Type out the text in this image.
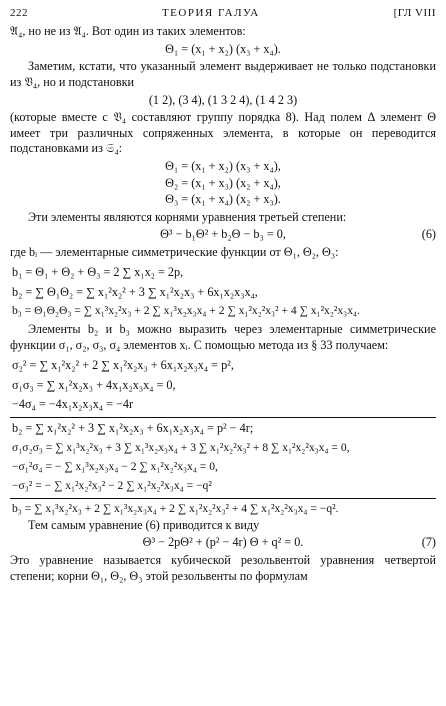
222	ТЕОРИЯ ГАЛУА	[ГЛ VIII

𝔄₄, но не из 𝔄₄. Вот один из таких элементов:

Θ₁ = (x₁ + x₂) (x₃ + x₄).

Заметим, кстати, что указанный элемент выдерживает не только подстановки из 𝔙₄, но и подстановки

(1 2), (3 4), (1 3 2 4), (1 4 2 3)

(которые вместе с 𝔙₄ составляют группу порядка 8). Над полем Δ элемент Θ имеет три различных сопряженных элемента, в которые он переводится подстановками из 𝔖₄:

Θ₁ = (x₁ + x₂) (x₃ + x₄),
Θ₂ = (x₁ + x₃) (x₂ + x₄),
Θ₃ = (x₁ + x₄) (x₂ + x₃).

Эти элементы являются корнями уравнения третьей степени:

Θ³ − b₁Θ² + b₂Θ − b₃ = 0,	(6)

где bᵢ — элементарные симметрические функции от Θ₁, Θ₂, Θ₃:

b₁ = Θ₁ + Θ₂ + Θ₃ = 2 ∑ x₁x₂ = 2p,
b₂ = ∑ Θ₁Θ₂ = ∑ x₁²x₂² + 3 ∑ x₁²x₂x₃ + 6x₁x₂x₃x₄,
b₃ = Θ₁Θ₂Θ₃ = ∑ x₁³x₂²x₃ + 2 ∑ x₁³x₂x₃x₄ + 2 ∑ x₁²x₂²x₃² + 4 ∑ x₁²x₂²x₃x₄.

Элементы b₂ и b₃ можно выразить через элементарные симметрические функции σ₁, σ₂, σ₃, σ₄ элементов xᵢ. С помощью метода из § 33 получаем:

σ₂² = ∑ x₁²x₂² + 2 ∑ x₁²x₂x₃ + 6x₁x₂x₃x₄ = p²,
σ₁σ₃ = ∑ x₁²x₂x₃ + 4x₁x₂x₃x₄ = 0,
−4σ₄ = −4x₁x₂x₃x₄ = −4r
b₂ = ∑ x₁²x₂² + 3 ∑ x₁²x₂x₃ + 6x₁x₂x₃x₄ = p² − 4r;
σ₁σ₂σ₃ = ∑ x₁³x₂²x₃ + 3 ∑ x₁³x₂x₃x₄ + 3 ∑ x₁²x₂²x₃² + 8 ∑ x₁²x₂²x₃x₄ = 0,
−σ₁²σ₄ = − ∑ x₁³x₂x₃x₄ − 2 ∑ x₁²x₂²x₃x₄ = 0,
−σ₃² = − ∑ x₁²x₂²x₃² − 2 ∑ x₁²x₂²x₃x₄ = −q²
b₃ = ∑ x₁³x₂²x₃ + 2 ∑ x₁³x₂x₃x₄ + 2 ∑ x₁²x₂²x₃² + 4 ∑ x₁²x₂²x₃x₄ = −q².

Тем самым уравнение (6) приводится к виду

Θ³ − 2pΘ² + (p² − 4r) Θ + q² = 0.	(7)

Это уравнение называется кубической резольвентой уравнения четвертой степени; корни Θ₁, Θ₂, Θ₃ этой резольвенты по формулам
